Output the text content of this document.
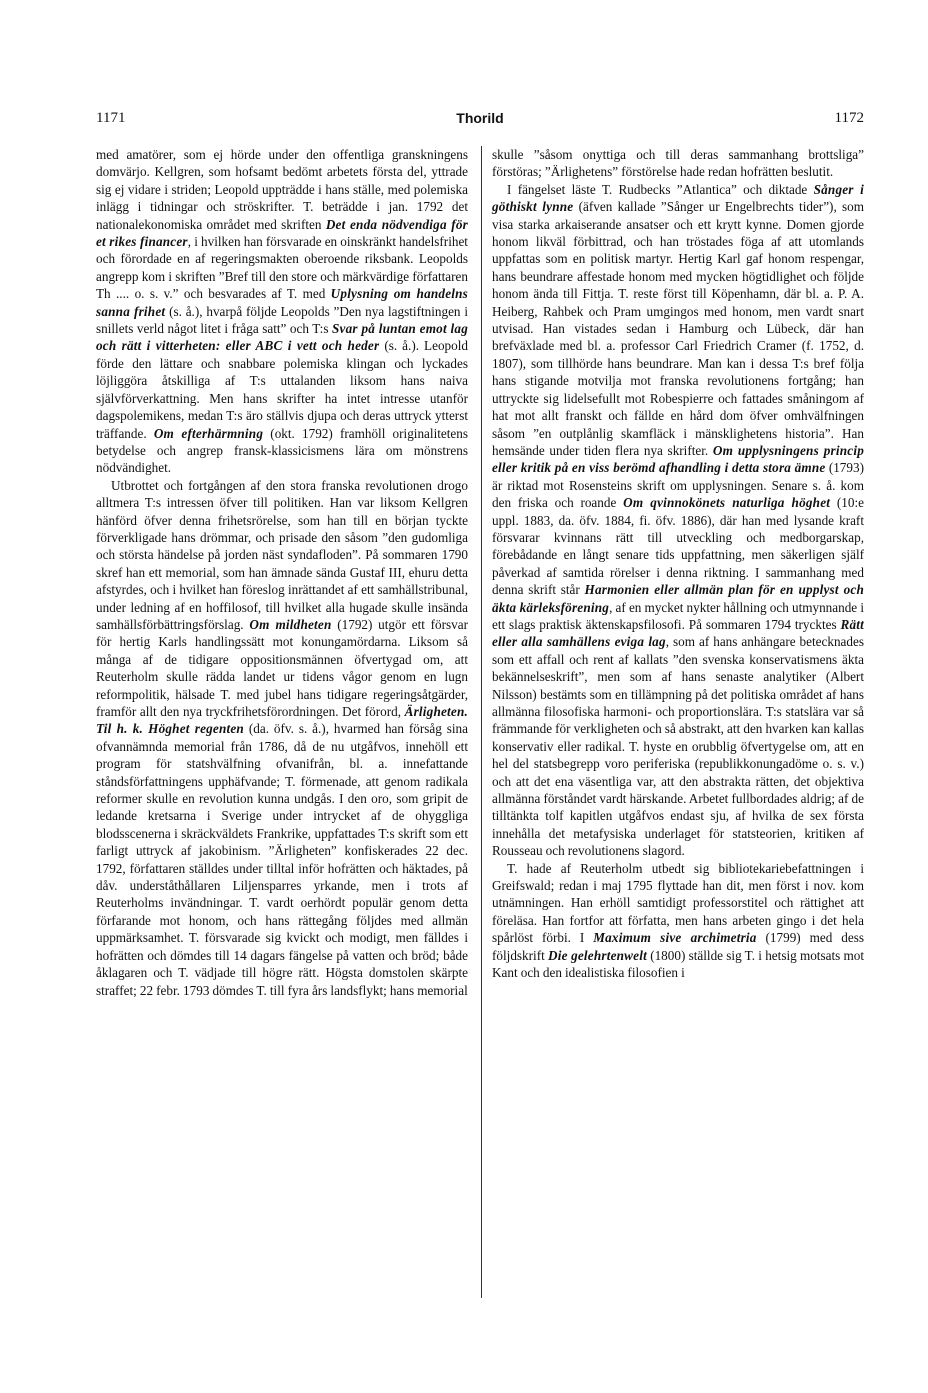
1171	Thorild	1172

med amatörer, som ej hörde under den offentliga granskningens domvärjo. Kellgren, som hofsamt bedömt arbetets första del, yttrade sig ej vidare i striden; Leopold uppträdde i hans ställe, med polemiska inlägg i tidningar och ströskrifter. T. beträdde i jan. 1792 det nationalekonomiska området med skriften Det enda nödvendiga för et rikes financer, i hvilken han försvarade en oinskränkt handelsfrihet och förordade en af regeringsmakten oberoende riksbank. Leopolds angrepp kom i skriften ”Bref till den store och märkvärdige författaren Th .... o. s. v.” och besvarades af T. med Uplysning om handelns sanna frihet (s. å.), hvarpå följde Leopolds ”Den nya lagstiftningen i snillets verld något litet i fråga satt” och T:s Svar på luntan emot lag och rätt i vitterheten: eller ABC i vett och heder (s. å.). Leopold förde den lättare och snabbare polemiska klingan och lyckades löjliggöra åtskilliga af T:s uttalanden liksom hans naiva självförverkattning. Men hans skrifter ha intet intresse utanför dagspolemikens, medan T:s äro ställvis djupa och deras uttryck ytterst träffande. Om efterhärmning (okt. 1792) framhöll originalitetens betydelse och angrep fransk-klassicismens lära om mönstrens nödvändighet.

Utbrottet och fortgången af den stora franska revolutionen drogo alltmera T:s intressen öfver till politiken. Han var liksom Kellgren hänförd öfver denna frihetsrörelse, som han till en början tyckte förverkligade hans drömmar, och prisade den såsom ”den gudomliga och största händelse på jorden näst syndafloden”. På sommaren 1790 skref han ett memorial, som han ämnade sända Gustaf III, ehuru detta afstyrdes, och i hvilket han föreslog inrättandet af ett samhällstribunal, under ledning af en hoffilosof, till hvilket alla hugade skulle insända samhällsförbättringsförslag. Om mildheten (1792) utgör ett försvar för hertig Karls handlingssätt mot konungamördarna. Liksom så många af de tidigare oppositionsmännen öfvertygad om, att Reuterholm skulle rädda landet ur tidens vågor genom en lugn reformpolitik, hälsade T. med jubel hans tidigare regeringsåtgärder, framför allt den nya tryckfrihetsförordningen. Det förord, Ärligheten. Til h. k. Höghet regenten (da. öfv. s. å.), hvarmed han försåg sina ofvannämnda memorial från 1786, då de nu utgåfvos, innehöll ett program för statshvälfning ofvanifrån, bl. a. innefattande ståndsförfattningens upphäfvande; T. förmenade, att genom radikala reformer skulle en revolution kunna undgås. I den oro, som gripit de ledande kretsarna i Sverige under intrycket af de ohyggliga blodsscenerna i skräckväldets Frankrike, uppfattades T:s skrift som ett farligt uttryck af jakobinism. ”Ärligheten” konfiskerades 22 dec. 1792, författaren ställdes under tilltal inför hofrätten och häktades, på dåv. underståthållaren Liljensparres yrkande, men i trots af Reuterholms invändningar. T. vardt oerhördt populär genom detta förfarande mot honom, och hans rättegång följdes med allmän uppmärksamhet. T. försvarade sig kvickt och modigt, men fälldes i hofrätten och dömdes till 14 dagars fängelse på vatten och bröd; både åklagaren och T. vädjade till högre rätt. Högsta domstolen skärpte straffet; 22 febr. 1793 dömdes T. till fyra års landsflykt; hans memorial

skulle ”såsom onyttiga och till deras sammanhang brottsliga” förstöras; ”Ärlighetens” förstörelse hade redan hofrätten beslutit.

I fängelset läste T. Rudbecks ”Atlantica” och diktade Sånger i göthiskt lynne (äfven kallade ”Sånger ur Engelbrechts tider”), som visa starka arkaiserande ansatser och ett krytt kynne. Domen gjorde honom likväl förbittrad, och han tröstades föga af att utomlands uppfattas som en politisk martyr. Hertig Karl gaf honom respengar, hans beundrare affestade honom med mycken högtidlighet och följde honom ända till Fittja. T. reste först till Köpenhamn, där bl. a. P. A. Heiberg, Rahbek och Pram umgingos med honom, men vardt snart utvisad. Han vistades sedan i Hamburg och Lübeck, där han brefväxlade med bl. a. professor Carl Friedrich Cramer (f. 1752, d. 1807), som tillhörde hans beundrare. Man kan i dessa T:s bref följa hans stigande motvilja mot franska revolutionens fortgång; han uttryckte sig lidelsefullt mot Robespierre och fattades småningom af hat mot allt franskt och fällde en hård dom öfver omhvälfningen såsom ”en outplånlig skamfläck i mänsklighetens historia”. Han hemsände under tiden flera nya skrifter. Om upplysningens princip eller kritik på en viss berömd afhandling i detta stora ämne (1793) är riktad mot Rosensteins skrift om upplysningen. Senare s. å. kom den friska och roande Om qvinnokönets naturliga höghet (10:e uppl. 1883, da. öfv. 1884, fi. öfv. 1886), där han med lysande kraft försvarar kvinnans rätt till utveckling och medborgarskap, förebådande en långt senare tids uppfattning, men säkerligen själf påverkad af samtida rörelser i denna riktning. I sammanhang med denna skrift står Harmonien eller allmän plan för en upplyst och äkta kärleksförening, af en mycket nykter hållning och utmynnande i ett slags praktisk äktenskapsfilosofi. På sommaren 1794 trycktes Rätt eller alla samhällens eviga lag, som af hans anhängare betecknades som ett affall och rent af kallats ”den svenska konservatismens äkta bekännelseskrift”, men som af hans senaste analytiker (Albert Nilsson) bestämts som en tillämpning på det politiska området af hans allmänna filosofiska harmoni- och proportionslära. T:s statslära var så främmande för verkligheten och så abstrakt, att den hvarken kan kallas konservativ eller radikal. T. hyste en orubblig öfvertygelse om, att en hel del statsbegrepp voro periferiska (republikkonungadöme o. s. v.) och att det ena väsentliga var, att den abstrakta rätten, det objektiva allmänna förståndet vardt härskande. Arbetet fullbordades aldrig; af de tilltänkta tolf kapitlen utgåfvos endast sju, af hvilka de sex första innehålla det metafysiska underlaget för statsteorien, kritiken af Rousseau och revolutionens slagord.

T. hade af Reuterholm utbedt sig bibliotekariebefattningen i Greifswald; redan i maj 1795 flyttade han dit, men först i nov. kom utnämningen. Han erhöll samtidigt professorstitel och rättighet att föreläsa. Han fortfor att författa, men hans arbeten gingo i det hela spårlöst förbi. I Maximum sive archimetria (1799) med dess följdskrift Die gelehrtenwelt (1800) ställde sig T. i hetsig motsats mot Kant och den idealistiska filosofien i
